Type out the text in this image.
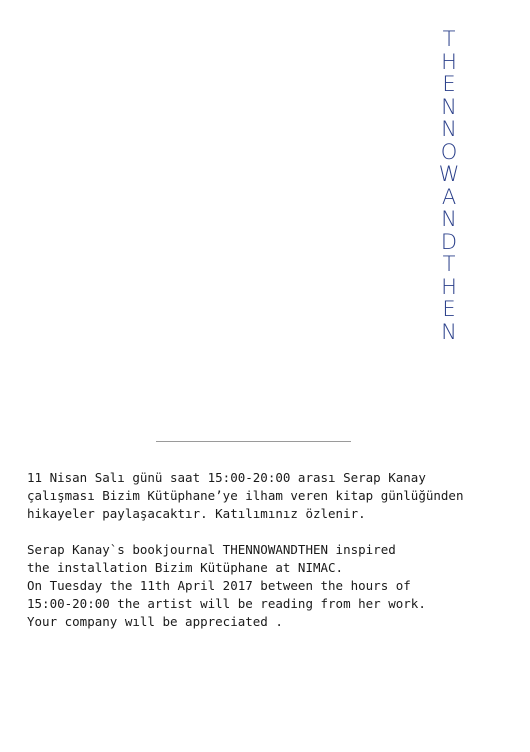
T
H
E
N
N
O
W
A
N
D
T
H
E
N
11 Nisan Salı günü saat 15:00-20:00 arası Serap Kanay
çalışması Bizim Kütüphane’ye ilham veren kitap günlüğünden
hikayeler paylaşacaktır. Katılımınız özlenir.
Serap Kanay`s bookjournal THENNOWANDTHEN inspired
the installation Bizim Kütüphane at NIMAC.
On Tuesday the 11th April 2017 between the hours of
15:00-20:00 the artist will be reading from her work.
Your company wıll be appreciated .
